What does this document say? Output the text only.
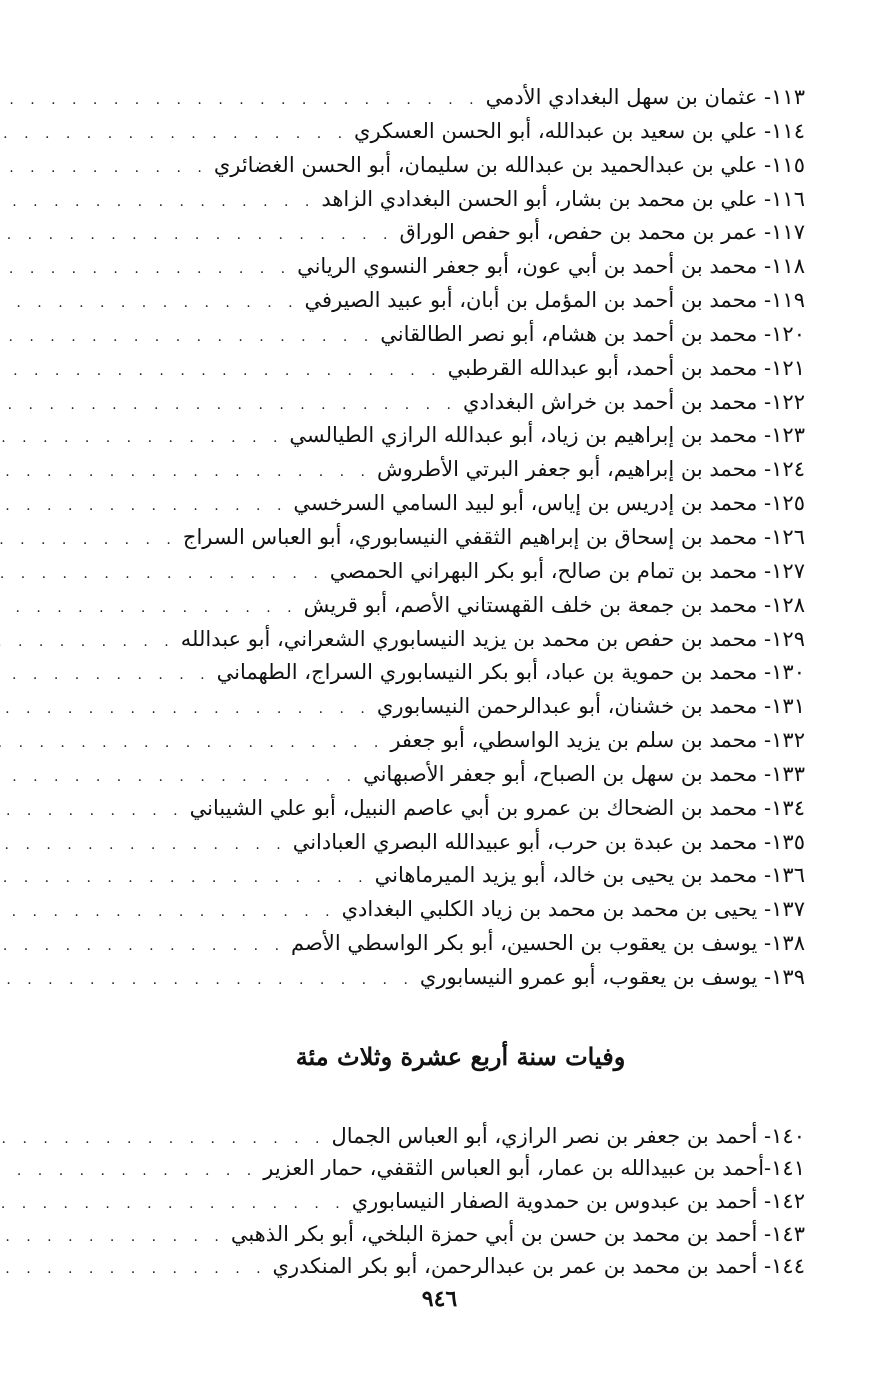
١١٣- عثمان بن سهل البغدادي الأدمي
. . .
١١٤- علي بن سعيد بن عبدالله، أبو الحسن العسكري
. . .
١١٥- علي بن عبدالحميد بن عبدالله بن سليمان، أبو الحسن الغضائري
. . .
١١٦- علي بن محمد بن بشار، أبو الحسن البغدادي الزاهد
. . .
١١٧- عمر بن محمد بن حفص، أبو حفص الوراق
. . .
١١٨- محمد بن أحمد بن أبي عون، أبو جعفر النسوي الرياني
. . .
١١٩- محمد بن أحمد بن المؤمل بن أبان، أبو عبيد الصيرفي
. . .
١٢٠- محمد بن أحمد بن هشام، أبو نصر الطالقاني
. . .
١٢١- محمد بن أحمد، أبو عبدالله القرطبي
. . .
١٢٢- محمد بن أحمد بن خراش البغدادي
. . .
١٢٣- محمد بن إبراهيم بن زياد، أبو عبدالله الرازي الطيالسي
. . .
١٢٤- محمد بن إبراهيم، أبو جعفر البرتي الأطروش
. . .
١٢٥- محمد بن إدريس بن إياس، أبو لبيد السامي السرخسي
. . .
١٢٦- محمد بن إسحاق بن إبراهيم الثقفي النيسابوري، أبو العباس السراج
. . .
١٢٧- محمد بن تمام بن صالح، أبو بكر البهراني الحمصي
. . .
١٢٨- محمد بن جمعة بن خلف القهستاني الأصم، أبو قريش
. . .
١٢٩- محمد بن حفص بن محمد بن يزيد النيسابوري الشعراني، أبو عبدالله
. . .
١٣٠- محمد بن حموية بن عباد، أبو بكر النيسابوري السراج، الطهماني
. . .
١٣١- محمد بن خشنان، أبو عبدالرحمن النيسابوري
. . .
١٣٢- محمد بن سلم بن يزيد الواسطي، أبو جعفر
. . .
١٣٣- محمد بن سهل بن الصباح، أبو جعفر الأصبهاني
. . .
١٣٤- محمد بن الضحاك بن عمرو بن أبي عاصم النبيل، أبو علي الشيباني
. . .
١٣٥- محمد بن عبدة بن حرب، أبو عبيدالله البصري العباداني
. . .
١٣٦- محمد بن يحيى بن خالد، أبو يزيد الميرماهاني
. . .
١٣٧- يحيى بن محمد بن محمد بن زياد الكلبي البغدادي
. . .
١٣٨- يوسف بن يعقوب بن الحسين، أبو بكر الواسطي الأصم
. . .
١٣٩- يوسف بن يعقوب، أبو عمرو النيسابوري
. . .
وفيات سنة أربع عشرة وثلاث مئة
١٤٠- أحمد بن جعفر بن نصر الرازي، أبو العباس الجمال
. . .
١٤١-أحمد بن عبيدالله بن عمار، أبو العباس الثقفي، حمار العزير
. . .
١٤٢- أحمد بن عبدوس بن حمدوية الصفار النيسابوري
. . .
١٤٣- أحمد بن محمد بن حسن بن أبي حمزة البلخي، أبو بكر الذهبي
. . .
١٤٤- أحمد بن محمد بن عمر بن عبدالرحمن، أبو بكر المنكدري
. . .
٩٤٦
